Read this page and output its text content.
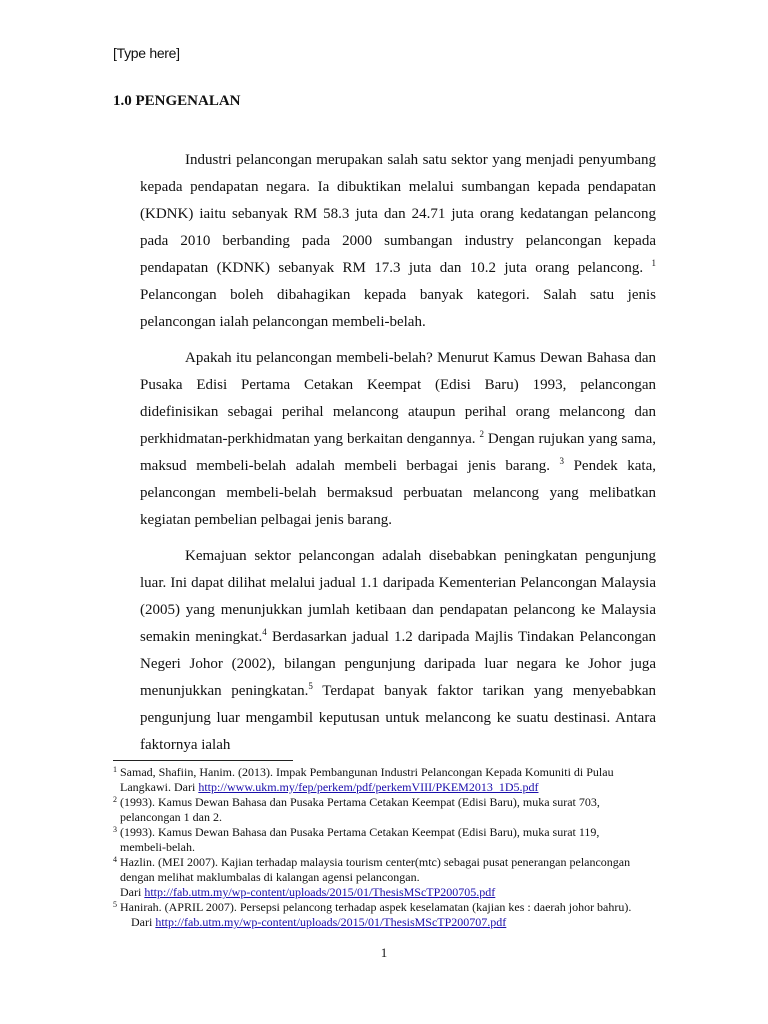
[Type here]
1.0 PENGENALAN

Industri pelancongan merupakan salah satu sektor yang menjadi penyumbang kepada pendapatan negara. Ia dibuktikan melalui sumbangan kepada pendapatan (KDNK) iaitu sebanyak RM 58.3 juta dan 24.71 juta orang kedatangan pelancong pada 2010 berbanding pada 2000 sumbangan industry pelancongan kepada pendapatan (KDNK) sebanyak RM 17.3 juta dan 10.2 juta orang pelancong. $^1$ Pelancongan boleh dibahagikan kepada banyak kategori. Salah satu jenis pelancongan ialah pelancongan membeli-belah.

Apakah itu pelancongan membeli-belah? Menurut Kamus Dewan Bahasa dan Pusaka Edisi Pertama Cetakan Keempat (Edisi Baru) 1993, pelancongan didefinisikan sebagai perihal melancong ataupun perihal orang melancong dan perkhidmatan-perkhidmatan yang berkaitan dengannya. $^2$ Dengan rujukan yang sama, maksud membeli-belah adalah membeli berbagai jenis barang. $^3$ Pendek kata, pelancongan membeli-belah bermaksud perbuatan melancong yang melibatkan kegiatan pembelian pelbagai jenis barang.

Kemajuan sektor pelancongan adalah disebabkan peningkatan pengunjung luar. Ini dapat dilihat melalui jadual 1.1 daripada Kementerian Pelancongan Malaysia (2005) yang menunjukkan jumlah ketibaan dan pendapatan pelancong ke Malaysia semakin meningkat.$^4$ Berdasarkan jadual 1.2 daripada Majlis Tindakan Pelancongan Negeri Johor (2002), bilangan pengunjung daripada luar negara ke Johor juga menunjukkan peningkatan.$^5$ Terdapat banyak faktor tarikan yang menyebabkan pengunjung luar mengambil keputusan untuk melancong ke suatu destinasi. Antara faktornya ialah

$^1$ Samad, Shafiin, Hanim. (2013). Impak Pembangunan Industri Pelancongan Kepada Komuniti di Pulau
Langkawi. Dari http://www.ukm.my/fep/perkem/pdf/perkemVIII/PKEM2013_1D5.pdf
$^2$ (1993). Kamus Dewan Bahasa dan Pusaka Pertama Cetakan Keempat (Edisi Baru), muka surat 703,
pelancongan 1 dan 2.
$^3$ (1993). Kamus Dewan Bahasa dan Pusaka Pertama Cetakan Keempat (Edisi Baru), muka surat 119,
membeli-belah.
$^4$ Hazlin. (MEI 2007). Kajian terhadap malaysia tourism center(mtc) sebagai pusat penerangan pelancongan
dengan melihat maklumbalas di kalangan agensi pelancongan.
Dari http://fab.utm.my/wp-content/uploads/2015/01/ThesisMScTP200705.pdf
$^5$ Hanirah. (APRIL 2007). Persepsi pelancong terhadap aspek keselamatan (kajian kes : daerah johor bahru).
Dari http://fab.utm.my/wp-content/uploads/2015/01/ThesisMScTP200707.pdf
1
